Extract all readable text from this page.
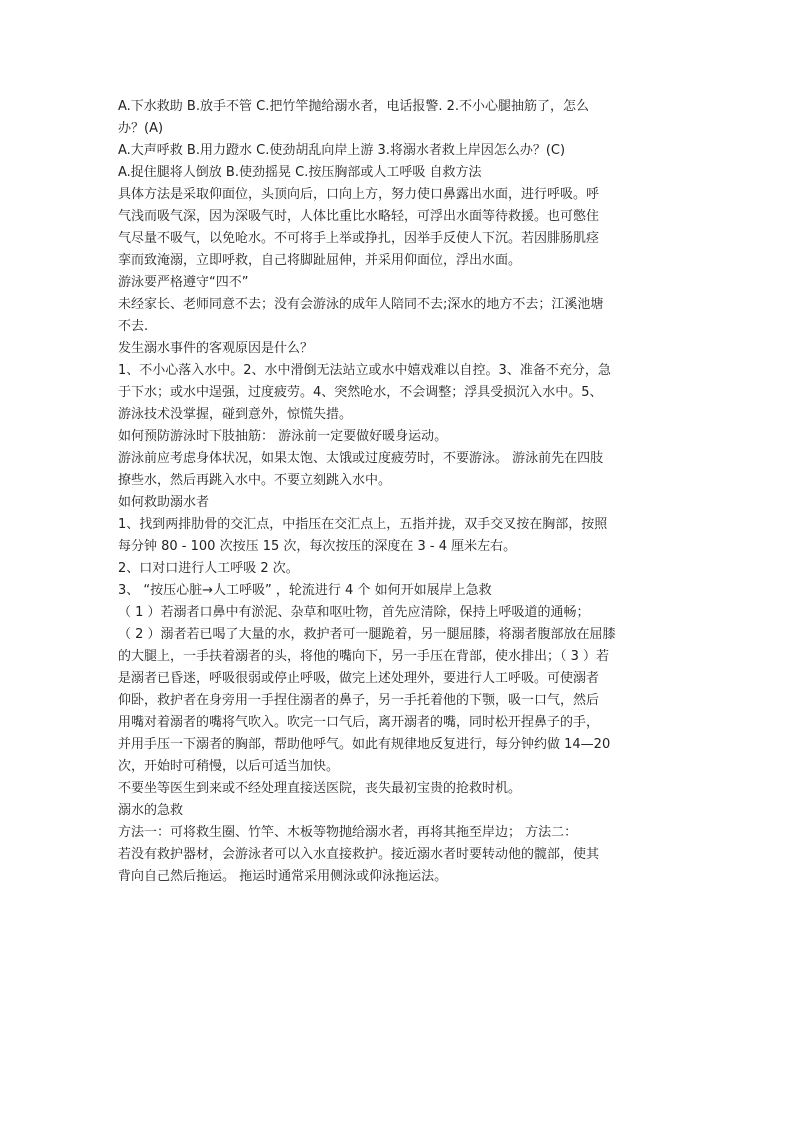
A.下水救助 B.放手不管 C.把竹竿抛给溺水者，电话报警. 2.不小心腿抽筋了，怎么
办？(A)
A.大声呼救 B.用力蹬水 C.使劲胡乱向岸上游 3.将溺水者救上岸因怎么办？(C)
A.捉住腿将人倒放 B.使劲摇晃 C.按压胸部或人工呼吸 自救方法
具体方法是采取仰面位，头顶向后，口向上方，努力使口鼻露出水面，进行呼吸。呼
气浅而吸气深，因为深吸气时，人体比重比水略轻，可浮出水面等待救援。也可憋住
气尽量不吸气，以免呛水。不可将手上举或挣扎，因举手反使人下沉。若因腓肠肌痉
挛而致淹溺，立即呼救，自己将脚趾屈伸，并采用仰面位，浮出水面。
游泳要严格遵守“四不”
未经家长、老师同意不去；没有会游泳的成年人陪同不去;深水的地方不去；江溪池塘
不去.
发生溺水事件的客观原因是什么？
1、不小心落入水中。2、水中滑倒无法站立或水中嬉戏难以自控。3、准备不充分，急
于下水；或水中逞强，过度疲劳。4、突然呛水，不会调整；浮具受损沉入水中。5、
游泳技术没掌握，碰到意外，惊慌失措。
如何预防游泳时下肢抽筋： 游泳前一定要做好暖身运动。
游泳前应考虑身体状况，如果太饱、太饿或过度疲劳时，不要游泳。 游泳前先在四肢
撩些水，然后再跳入水中。不要立刻跳入水中。
如何救助溺水者
1、找到两排肋骨的交汇点，中指压在交汇点上，五指并拢，双手交叉按在胸部，按照
每分钟 80 - 100 次按压 15 次，每次按压的深度在 3 - 4 厘米左右。
2、口对口进行人工呼吸 2 次。
3、 “按压心脏→人工呼吸” ，轮流进行 4 个 如何开如展岸上急救
（ 1 ）若溺者口鼻中有淤泥、杂草和呕吐物，首先应清除，保持上呼吸道的通畅；
（ 2 ）溺者若已喝了大量的水，救护者可一腿跪着，另一腿屈膝，将溺者腹部放在屈膝
的大腿上，一手扶着溺者的头，将他的嘴向下，另一手压在背部，使水排出；（ 3 ）若
是溺者已昏迷，呼吸很弱或停止呼吸，做完上述处理外，要进行人工呼吸。可使溺者
仰卧，救护者在身旁用一手捏住溺者的鼻子，另一手托着他的下颚，吸一口气，然后
用嘴对着溺者的嘴将气吹入。吹完一口气后，离开溺者的嘴，同时松开捏鼻子的手，
并用手压一下溺者的胸部，帮助他呼气。如此有规律地反复进行，每分钟约做 14—20
次，开始时可稍慢，以后可适当加快。
不要坐等医生到来或不经处理直接送医院，丧失最初宝贵的抢救时机。
溺水的急救
方法一：可将救生圈、竹竿、木板等物抛给溺水者，再将其拖至岸边； 方法二：
若没有救护器材，会游泳者可以入水直接救护。接近溺水者时要转动他的髋部，使其
背向自己然后拖运。 拖运时通常采用侧泳或仰泳拖运法。
